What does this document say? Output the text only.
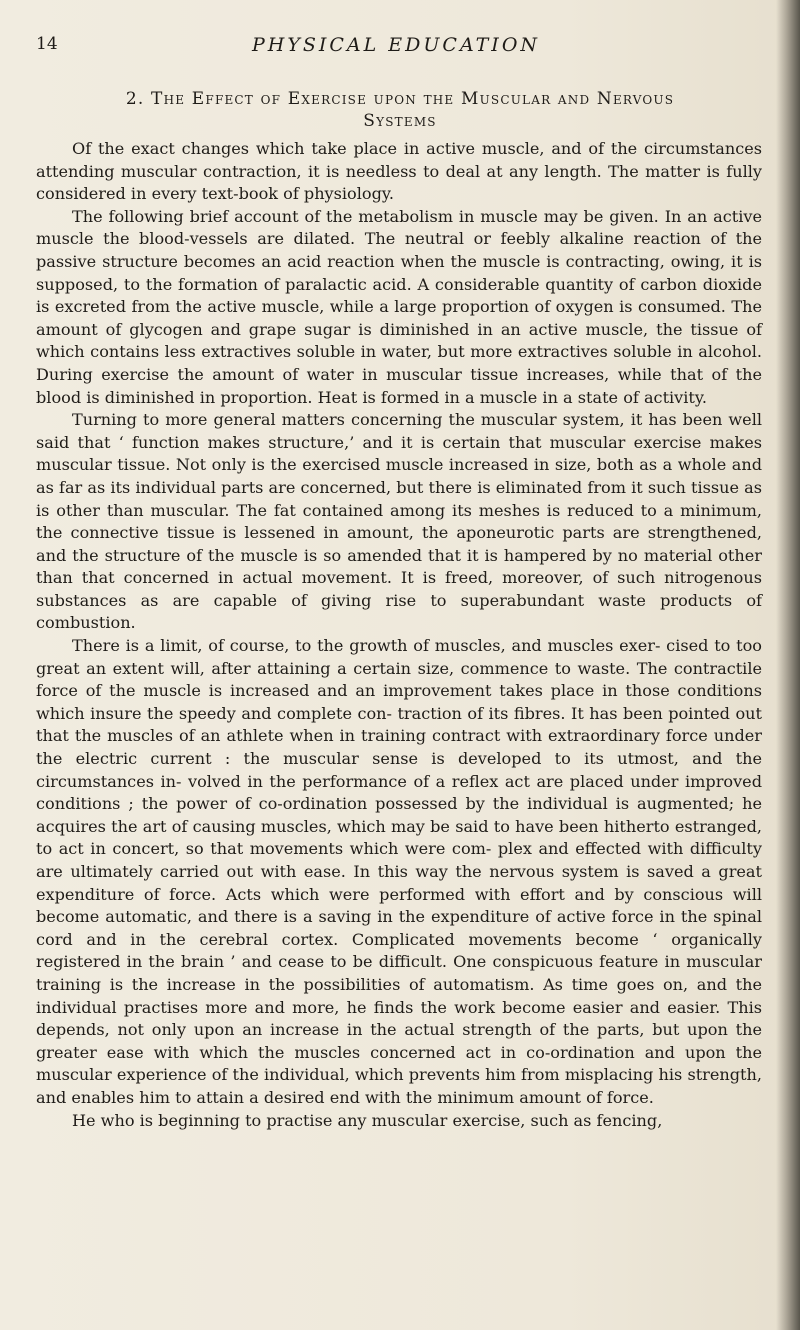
14	PHYSICAL EDUCATION
2. The Effect of Exercise upon the Muscular and Nervous
Systems

Of the exact changes which take place in active muscle, and of the circumstances attending muscular contraction, it is needless to deal at any length. The matter is fully considered in every text-book of physiology.

The following brief account of the metabolism in muscle may be given. In an active muscle the blood-vessels are dilated. The neutral or feebly alkaline reaction of the passive structure becomes an acid reaction when the muscle is contracting, owing, it is supposed, to the formation of paralactic acid. A considerable quantity of carbon dioxide is excreted from the active muscle, while a large proportion of oxygen is consumed. The amount of glycogen and grape sugar is diminished in an active muscle, the tissue of which contains less extractives soluble in water, but more extractives soluble in alcohol. During exercise the amount of water in muscular tissue increases, while that of the blood is diminished in proportion. Heat is formed in a muscle in a state of activity.

Turning to more general matters concerning the muscular system, it has been well said that ‘ function makes structure,’ and it is certain that muscular exercise makes muscular tissue. Not only is the exercised muscle increased in size, both as a whole and as far as its individual parts are concerned, but there is eliminated from it such tissue as is other than muscular. The fat contained among its meshes is reduced to a minimum, the connective tissue is lessened in amount, the aponeurotic parts are strengthened, and the structure of the muscle is so amended that it is hampered by no material other than that concerned in actual movement. It is freed, moreover, of such nitrogenous substances as are capable of giving rise to superabundant waste products of combustion.

There is a limit, of course, to the growth of muscles, and muscles exer- cised to too great an extent will, after attaining a certain size, commence to waste. The contractile force of the muscle is increased and an improvement takes place in those conditions which insure the speedy and complete con- traction of its fibres. It has been pointed out that the muscles of an athlete when in training contract with extraordinary force under the electric current : the muscular sense is developed to its utmost, and the circumstances in- volved in the performance of a reflex act are placed under improved conditions ; the power of co-ordination possessed by the individual is augmented; he acquires the art of causing muscles, which may be said to have been hitherto estranged, to act in concert, so that movements which were com- plex and effected with difficulty are ultimately carried out with ease. In this way the nervous system is saved a great expenditure of force. Acts which were performed with effort and by conscious will become automatic, and there is a saving in the expenditure of active force in the spinal cord and in the cerebral cortex. Complicated movements become ‘ organically registered in the brain ’ and cease to be difficult. One conspicuous feature in muscular training is the increase in the possibilities of automatism. As time goes on, and the individual practises more and more, he finds the work become easier and easier. This depends, not only upon an increase in the actual strength of the parts, but upon the greater ease with which the muscles concerned act in co-ordination and upon the muscular experience of the individual, which prevents him from misplacing his strength, and enables him to attain a desired end with the minimum amount of force.

He who is beginning to practise any muscular exercise, such as fencing,
